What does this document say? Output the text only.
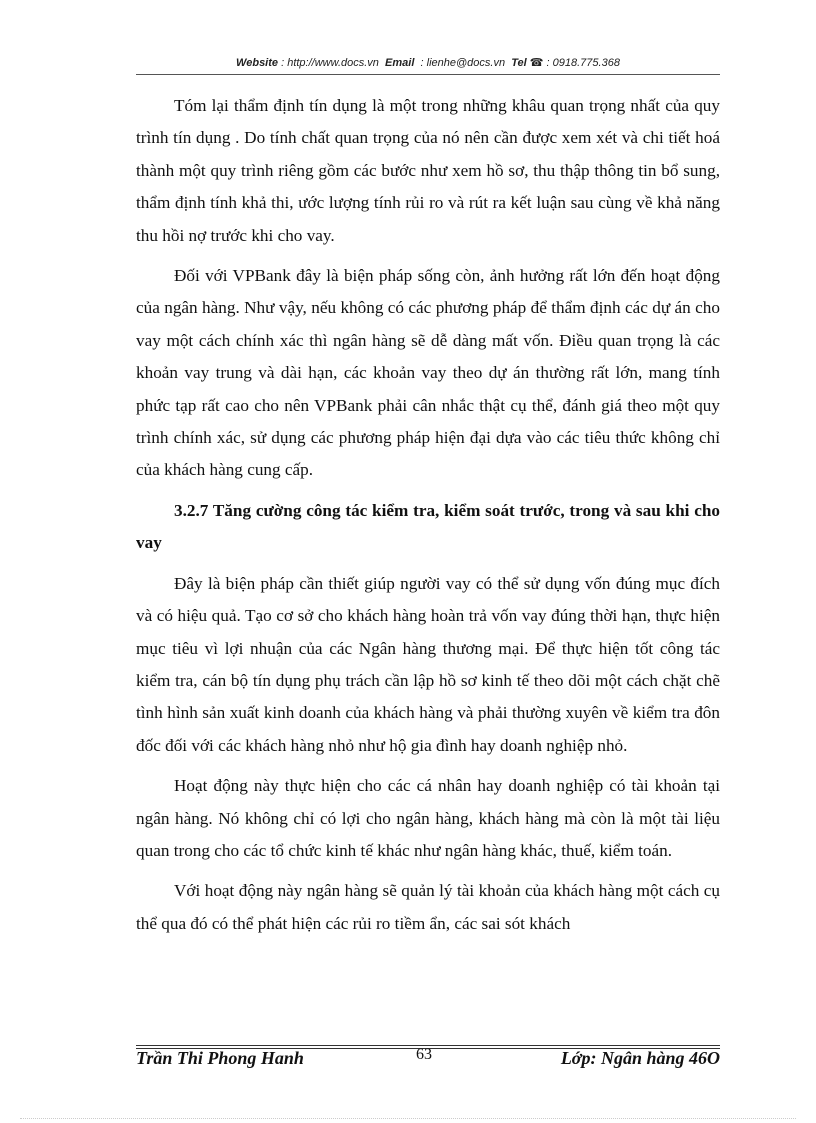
Website : http://www.docs.vn Email : lienhe@docs.vn Tel ☎ : 0918.775.368

Tóm lại thẩm định tín dụng là một trong những khâu quan trọng nhất của quy trình tín dụng . Do tính chất quan trọng của nó nên cần được xem xét và chi tiết hoá thành một quy trình riêng gồm các bước như xem hồ sơ, thu thập thông tin bổ sung, thẩm định tính khả thi, ước lượng tính rủi ro và rút ra kết luận sau cùng về khả năng thu hồi nợ trước khi cho vay.

Đối với VPBank đây là biện pháp sống còn, ảnh hưởng rất lớn đến hoạt động của ngân hàng. Như vậy, nếu không có các phương pháp để thẩm định các dự án cho vay một cách chính xác thì ngân hàng sẽ dễ dàng mất vốn. Điều quan trọng là các khoản vay trung và dài hạn, các khoản vay theo dự án thường rất lớn, mang tính phức tạp rất cao cho nên VPBank phải cân nhắc thật cụ thể, đánh giá theo một quy trình chính xác, sử dụng các phương pháp hiện đại dựa vào các tiêu thức không chỉ của khách hàng cung cấp.

3.2.7 Tăng cường công tác kiểm tra, kiểm soát trước, trong và sau khi cho vay

Đây là biện pháp cần thiết giúp người vay có thể sử dụng vốn đúng mục đích và có hiệu quả. Tạo cơ sở cho khách hàng hoàn trả vốn vay đúng thời hạn, thực hiện mục tiêu vì lợi nhuận của các Ngân hàng thương mại. Để thực hiện tốt công tác kiểm tra, cán bộ tín dụng phụ trách cần lập hồ sơ kinh tế theo dõi một cách chặt chẽ tình hình sản xuất kinh doanh của khách hàng và phải thường xuyên về kiểm tra đôn đốc đối với các khách hàng nhỏ như hộ gia đình hay doanh nghiệp nhỏ.

Hoạt động này thực hiện cho các cá nhân hay doanh nghiệp có tài khoản tại ngân hàng. Nó không chỉ có lợi cho ngân hàng, khách hàng mà còn là một tài liệu quan trong cho các tổ chức kinh tế khác như ngân hàng khác, thuế, kiểm toán.

Với hoạt động này ngân hàng sẽ quản lý tài khoản của khách hàng một cách cụ thể qua đó có thể phát hiện các rủi ro tiềm ẩn, các sai sót khách

Trần Thi Phong Hanh	63	Lớp: Ngân hàng 46O
